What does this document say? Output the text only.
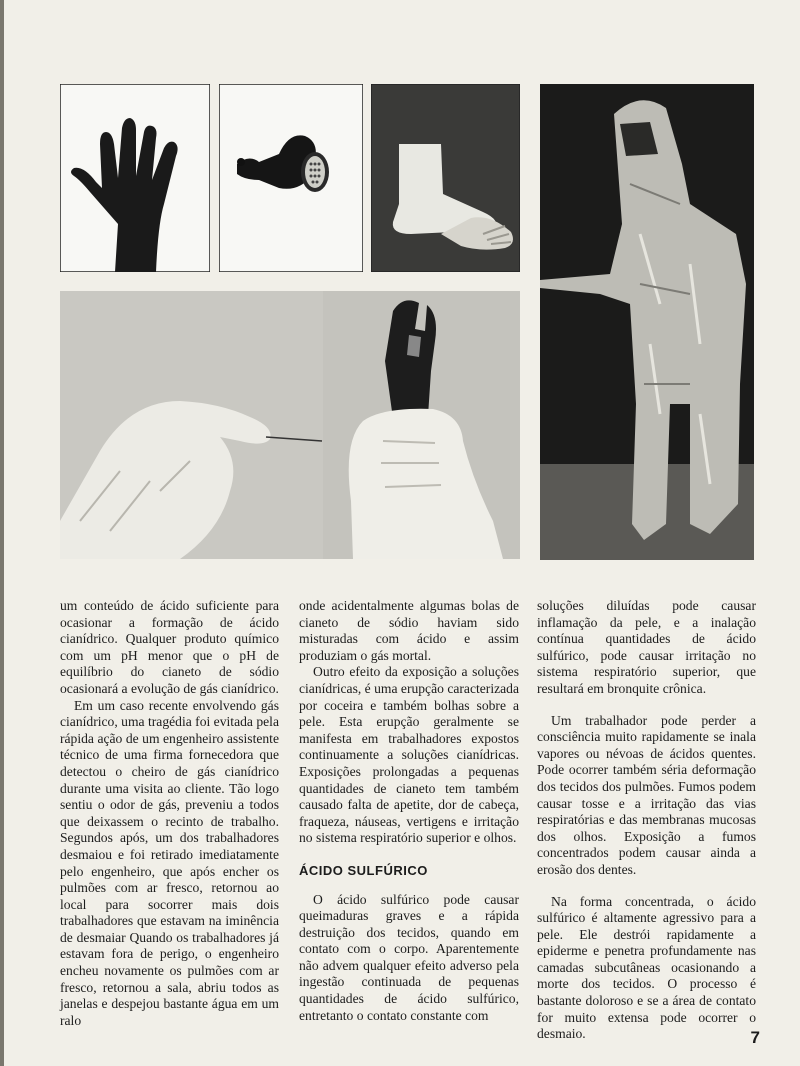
um conteúdo de ácido suficiente para ocasionar a formação de ácido cianídrico. Qualquer produto químico com um pH menor que o pH de equilíbrio do cianeto de sódio ocasionará a evolução de gás cianídrico.

Em um caso recente envolvendo gás cianídrico, uma tragédia foi evitada pela rápida ação de um engenheiro assistente técnico de uma firma fornecedora que detectou o cheiro de gás cianídrico durante uma visita ao cliente. Tão logo sentiu o odor de gás, preveniu a todos que deixassem o recinto de trabalho. Segundos após, um dos trabalhadores desmaiou e foi retirado imediatamente pelo engenheiro, que após encher os pulmões com ar fresco, retornou ao local para socorrer mais dois trabalhadores que estavam na iminência de desmaiar Quando os trabalhadores já estavam fora de perigo, o engenheiro encheu novamente os pulmões com ar fresco, retornou a sala, abriu todos as janelas e despejou bastante água em um ralo

onde acidentalmente algumas bolas de cianeto de sódio haviam sido misturadas com ácido e assim produziam o gás mortal.

Outro efeito da exposição a soluções cianídricas, é uma erupção caracterizada por coceira e também bolhas sobre a pele. Esta erupção geralmente se manifesta em trabalhadores expostos continuamente a soluções cianídricas. Exposições prolongadas a pequenas quantidades de cianeto tem também causado falta de apetite, dor de cabeça, fraqueza, náuseas, vertigens e irritação no sistema respiratório superior e olhos.

ÁCIDO SULFÚRICO

O ácido sulfúrico pode causar queimaduras graves e a rápida destruição dos tecidos, quando em contato com o corpo. Aparentemente não advem qualquer efeito adverso pela ingestão continuada de pequenas quantidades de ácido sulfúrico, entretanto o contato constante com

soluções diluídas pode causar inflamação da pele, e a inalação contínua quantidades de ácido sulfúrico, pode causar irritação no sistema respiratório superior, que resultará em bronquite crônica.

Um trabalhador pode perder a consciência muito rapidamente se inala vapores ou névoas de ácidos quentes. Pode ocorrer também séria deformação dos tecidos dos pulmões. Fumos podem causar tosse e a irritação das vias respiratórias e das membranas mucosas dos olhos. Exposição a fumos concentrados podem causar ainda a erosão dos dentes.

Na forma concentrada, o ácido sulfúrico é altamente agressivo para a pele. Ele destrói rapidamente a epiderme e penetra profundamente nas camadas subcutâneas ocasionando a morte dos tecidos. O processo é bastante doloroso e se a área de contato for muito extensa pode ocorrer o desmaio.	7
